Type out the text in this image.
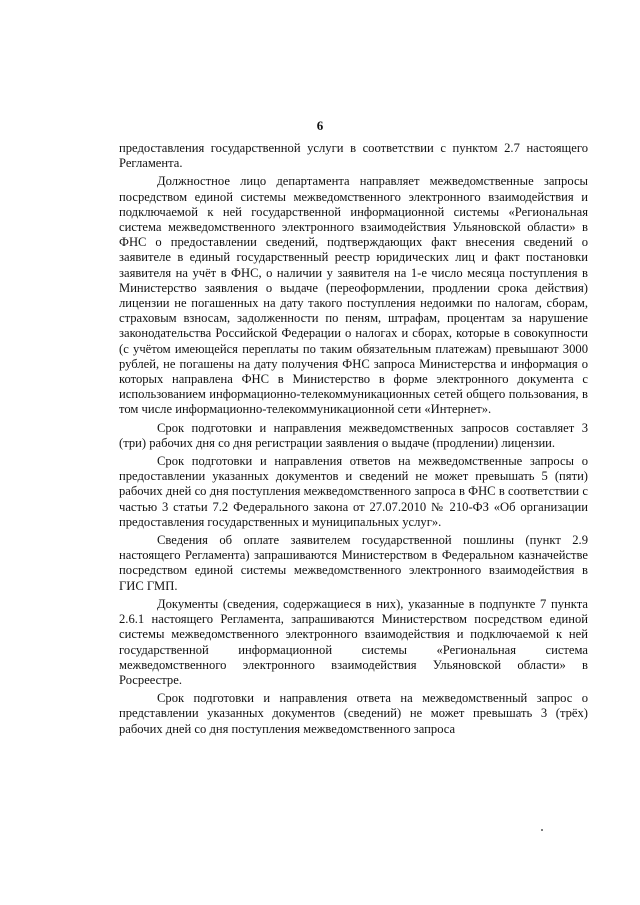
6

предоставления государственной услуги в соответствии с пунктом 2.7 настоящего Регламента.

Должностное лицо департамента направляет межведомственные запросы посредством единой системы межведомственного электронного взаимодействия и подключаемой к ней государственной информационной системы «Региональная система межведомственного электронного взаимодействия Ульяновской области» в ФНС о предоставлении сведений, подтверждающих факт внесения сведений о заявителе в единый государственный реестр юридических лиц и факт постановки заявителя на учёт в ФНС, о наличии у заявителя на 1-е число месяца поступления в Министерство заявления о выдаче (переоформлении, продлении срока действия) лицензии не погашенных на дату такого поступления недоимки по налогам, сборам, страховым взносам, задолженности по пеням, штрафам, процентам за нарушение законодательства Российской Федерации о налогах и сборах, которые в совокупности (с учётом имеющейся переплаты по таким обязательным платежам) превышают 3000 рублей, не погашены на дату получения ФНС запроса Министерства и информация о которых направлена ФНС в Министерство в форме электронного документа с использованием информационно-телекоммуникационных сетей общего пользования, в том числе информационно-телекоммуникационной сети «Интернет».

Срок подготовки и направления межведомственных запросов составляет 3 (три) рабочих дня со дня регистрации заявления о выдаче (продлении) лицензии.

Срок подготовки и направления ответов на межведомственные запросы о предоставлении указанных документов и сведений не может превышать 5 (пяти) рабочих дней со дня поступления межведомственного запроса в ФНС в соответствии с частью 3 статьи 7.2 Федерального закона от 27.07.2010 № 210-ФЗ «Об организации предоставления государственных и муниципальных услуг».

Сведения об оплате заявителем государственной пошлины (пункт 2.9 настоящего Регламента) запрашиваются Министерством в Федеральном казначействе посредством единой системы межведомственного электронного взаимодействия в ГИС ГМП.

Документы (сведения, содержащиеся в них), указанные в подпункте 7 пункта 2.6.1 настоящего Регламента, запрашиваются Министерством посредством единой системы межведомственного электронного взаимодействия и подключаемой к ней государственной информационной системы «Региональная система межведомственного электронного взаимодействия Ульяновской области» в Росреестре.

Срок подготовки и направления ответа на межведомственный запрос о представлении указанных документов (сведений) не может превышать 3 (трёх) рабочих дней со дня поступления межведомственного запроса
